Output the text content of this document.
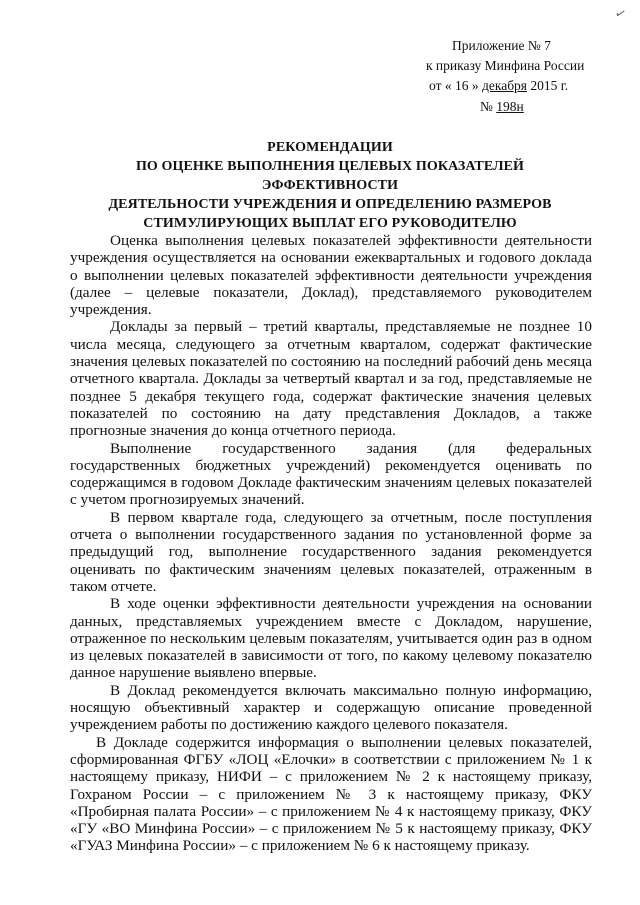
✓
Приложение № 7
к приказу Минфина России
от « 16 » декабря 2015 г.
№ 198н
РЕКОМЕНДАЦИИ
ПО ОЦЕНКЕ ВЫПОЛНЕНИЯ ЦЕЛЕВЫХ ПОКАЗАТЕЛЕЙ ЭФФЕКТИВНОСТИ
ДЕЯТЕЛЬНОСТИ УЧРЕЖДЕНИЯ И ОПРЕДЕЛЕНИЮ РАЗМЕРОВ
СТИМУЛИРУЮЩИХ ВЫПЛАТ ЕГО РУКОВОДИТЕЛЮ

Оценка выполнения целевых показателей эффективности деятельности учреждения осуществляется на основании ежеквартальных и годового доклада о выполнении целевых показателей эффективности деятельности учреждения (далее – целевые показатели, Доклад), представляемого руководителем учреждения.

Доклады за первый – третий кварталы, представляемые не позднее 10 числа месяца, следующего за отчетным кварталом, содержат фактические значения целевых показателей по состоянию на последний рабочий день месяца отчетного квартала. Доклады за четвертый квартал и за год, представляемые не позднее 5 декабря текущего года, содержат фактические значения целевых показателей по состоянию на дату представления Докладов, а также прогнозные значения до конца отчетного периода.

Выполнение государственного задания (для федеральных государственных бюджетных учреждений) рекомендуется оценивать по содержащимся в годовом Докладе фактическим значениям целевых показателей с учетом прогнозируемых значений.

В первом квартале года, следующего за отчетным, после поступления отчета о выполнении государственного задания по установленной форме за предыдущий год, выполнение государственного задания рекомендуется оценивать по фактическим значениям целевых показателей, отраженным в таком отчете.

В ходе оценки эффективности деятельности учреждения на основании данных, представляемых учреждением вместе с Докладом, нарушение, отраженное по нескольким целевым показателям, учитывается один раз в одном из целевых показателей в зависимости от того, по какому целевому показателю данное нарушение выявлено впервые.

В Доклад рекомендуется включать максимально полную информацию, носящую объективный характер и содержащую описание проведенной учреждением работы по достижению каждого целевого показателя.

В Докладе содержится информация о выполнении целевых показателей, сформированная ФГБУ «ЛОЦ «Елочки» в соответствии с приложением № 1 к настоящему приказу, НИФИ – с приложением № 2 к настоящему приказу, Гохраном России – с приложением № 3 к настоящему приказу, ФКУ «Пробирная палата России» – с приложением № 4 к настоящему приказу, ФКУ «ГУ «ВО Минфина России» – с приложением № 5 к настоящему приказу, ФКУ «ГУАЗ Минфина России» – с приложением № 6 к настоящему приказу.
